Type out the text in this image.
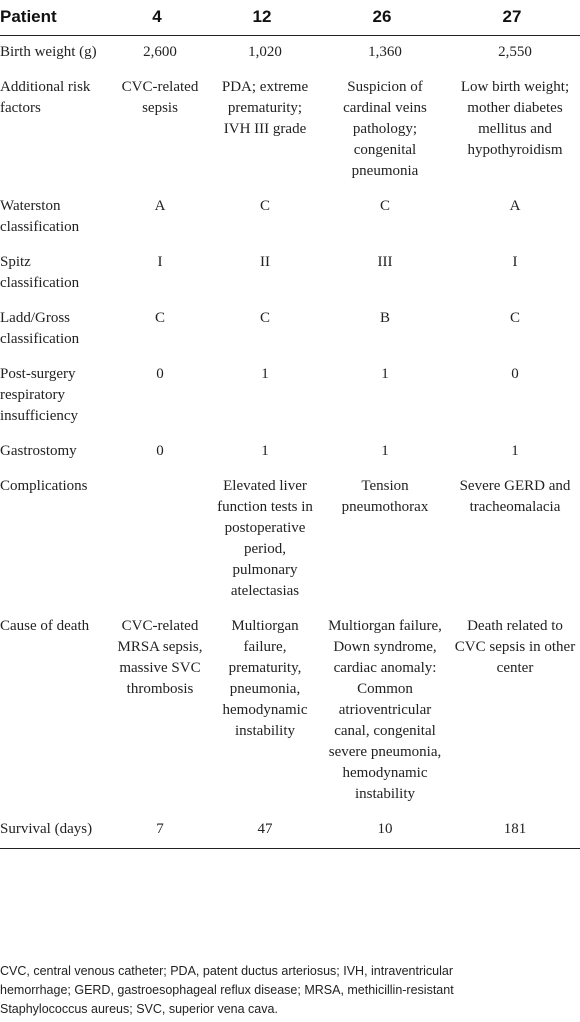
Patient	4	12	26	27
Birth weight (g)	2,600	1,020	1,360	2,550
Additional risk factors	CVC-related sepsis	PDA; extreme prematurity; IVH III grade	Suspicion of cardinal veins pathology; congenital pneumonia	Low birth weight; mother diabetes mellitus and hypothyroidism
Waterston classification	A	C	C	A
Spitz classification	I	II	III	I
Ladd/Gross classification	C	C	B	C
Post-surgery respiratory insufficiency	0	1	1	0
Gastrostomy	0	1	1	1
Complications		Elevated liver function tests in postoperative period, pulmonary atelectasias	Tension pneumothorax	Severe GERD and tracheomalacia
Cause of death	CVC-related MRSA sepsis, massive SVC thrombosis	Multiorgan failure, prematurity, pneumonia, hemodynamic instability	Multiorgan failure, Down syndrome, cardiac anomaly: Common atrioventricular canal, congenital severe pneumonia, hemodynamic instability	Death related to CVC sepsis in other center
Survival (days)	7	47	10	181
CVC, central venous catheter; PDA, patent ductus arteriosus; IVH, intraventricular
hemorrhage; GERD, gastroesophageal reflux disease; MRSA, methicillin-resistant
Staphylococcus aureus; SVC, superior vena cava.
